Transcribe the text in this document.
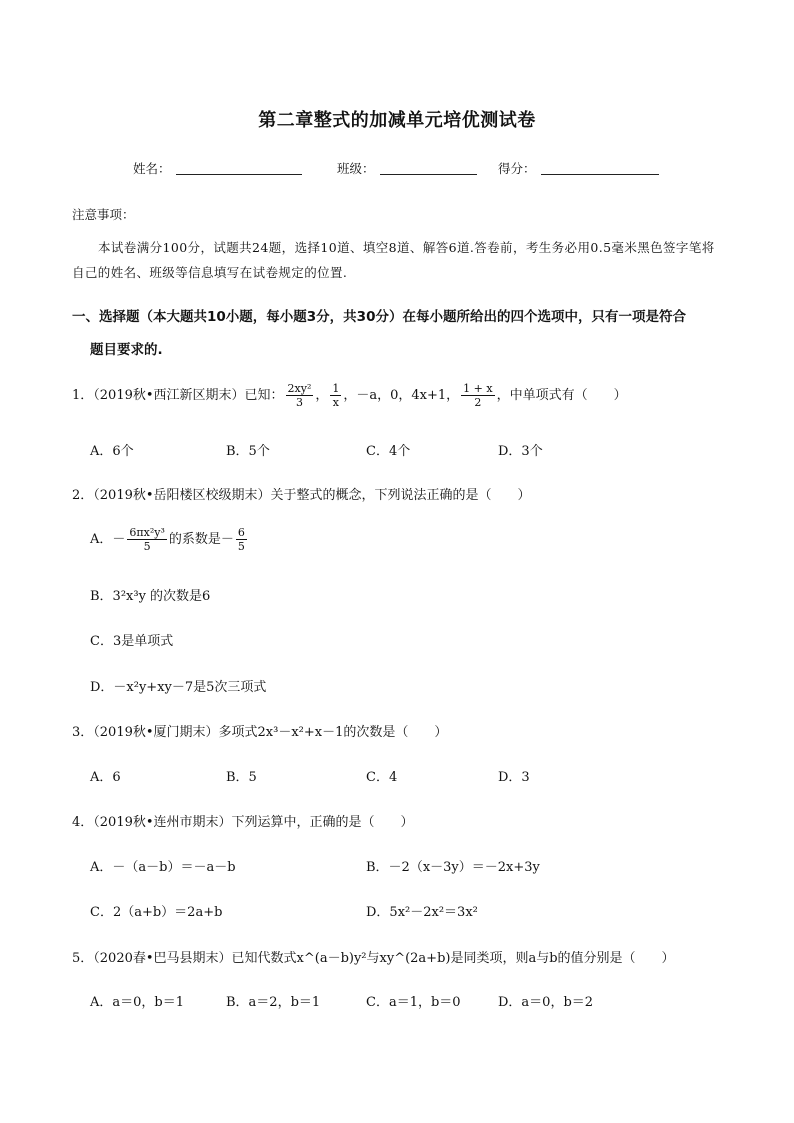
第二章整式的加减单元培优测试卷
姓名：	班级：	得分：
注意事项：
本试卷满分100分，试题共24题，选择10道、填空8道、解答6道.答卷前，考生务必用0.5毫米黑色签字笔将自己的姓名、班级等信息填写在试卷规定的位置.
一、选择题（本大题共10小题，每小题3分，共30分）在每小题所给出的四个选项中，只有一项是符合
题目要求的.
1．（2019秋•西江新区期末）已知： $\frac{\text{2xy²}}{3}$ ， $\frac{1}{x}$ ，－a，0，4x+1， $\frac{1 + x}{2}$ ，中单项式有（　　）
A．6个	B．5个	C．4个	D．3个
2．（2019秋•岳阳楼区校级期末）关于整式的概念，下列说法正确的是（　　）
A．－ $\frac{\text{6πx²y³}}{5}$ 的系数是－ $\frac{6}{5}$
B．3²x³y 的次数是6
C．3是单项式
D．－x²y+xy－7是5次三项式
3．（2019秋•厦门期末）多项式2x³－x²+x－1的次数是（　　）
A．6	B．5	C．4	D．3
4．（2019秋•连州市期末）下列运算中，正确的是（　　）
A．－（a－b）＝－a－b	B．－2（x－3y）＝－2x+3y
C．2（a+b）＝2a+b	D．5x²－2x²＝3x²
5．（2020春•巴马县期末）已知代数式x^(a－b)y²与xy^(2a+b)是同类项，则a与b的值分别是（　　）
A．a＝0，b＝1	B．a＝2，b＝1	C．a＝1，b＝0	D．a＝0，b＝2
